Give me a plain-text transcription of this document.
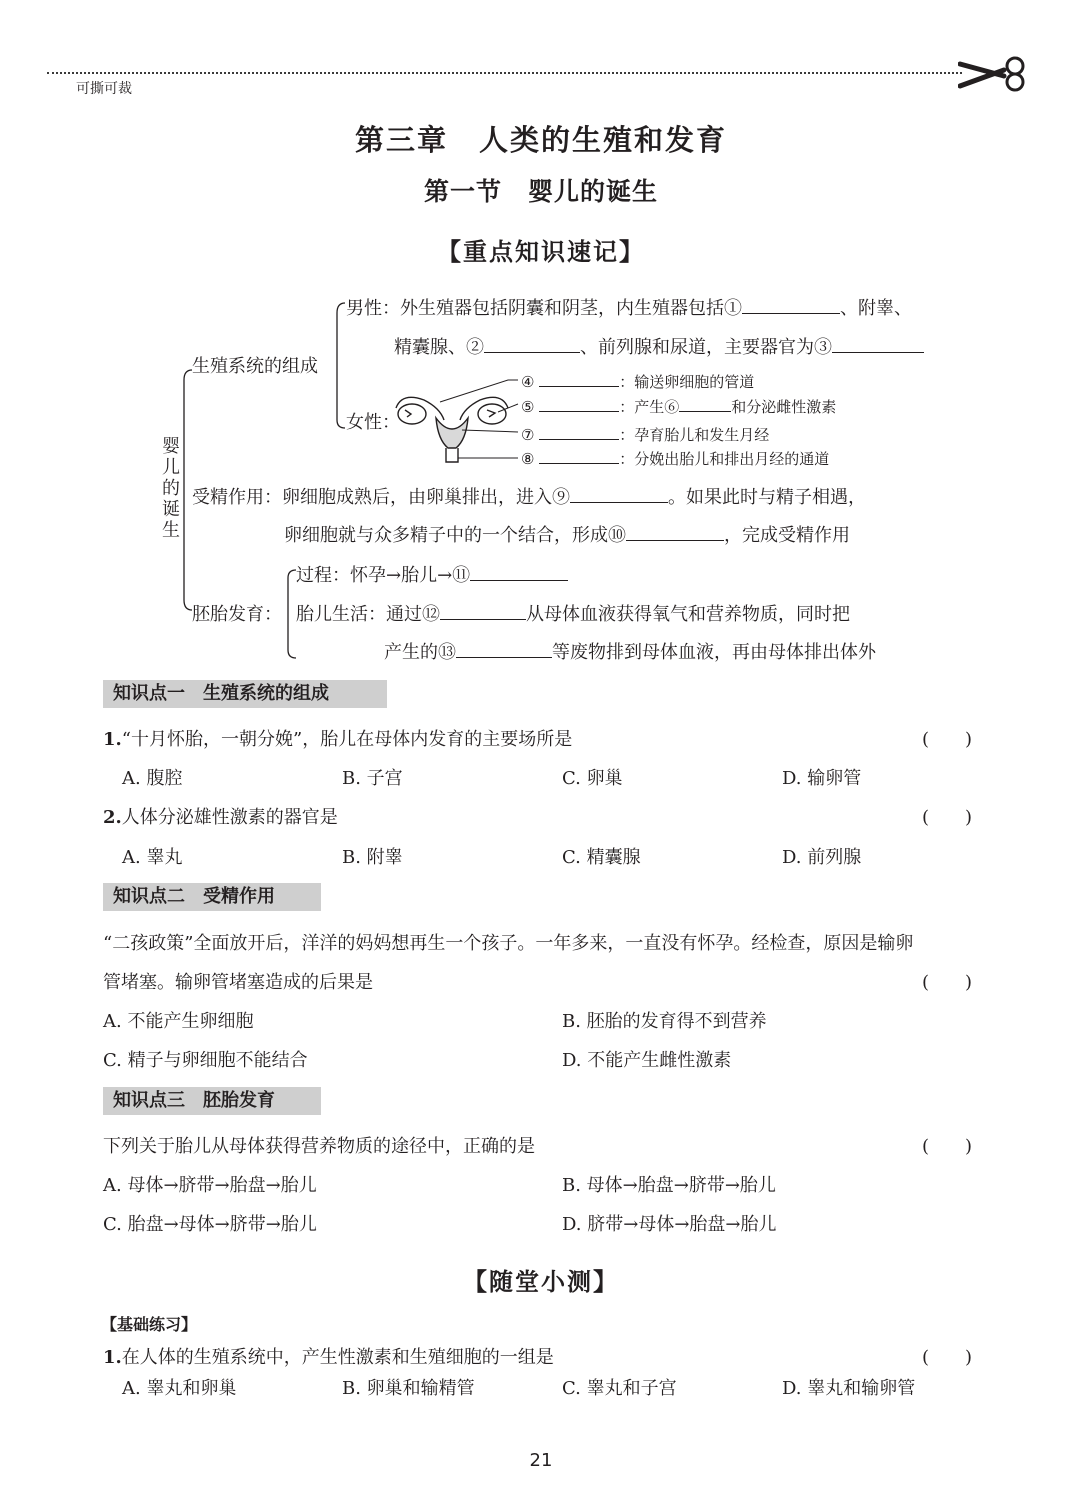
可撕可裁
第三章　人类的生殖和发育
第一节　婴儿的诞生
【重点知识速记】
婴儿的诞生
生殖系统的组成
男性：外生殖器包括阴囊和阴茎，内生殖器包括①	、附睾、
精囊腺、②	、前列腺和尿道，主要器官为③
女性：
④	：输送卵细胞的管道
⑤	：产生⑥	和分泌雌性激素
⑦	：孕育胎儿和发生月经
⑧	：分娩出胎儿和排出月经的通道
受精作用：卵细胞成熟后，由卵巢排出，进入⑨	。如果此时与精子相遇，
卵细胞就与众多精子中的一个结合，形成⑩	，完成受精作用
胚胎发育：
过程：怀孕→胎儿→⑪
胎儿生活：通过⑫	从母体血液获得氧气和营养物质，同时把
产生的⑬	等废物排到母体血液，再由母体排出体外
知识点一　生殖系统的组成
1.“十月怀胎，一朝分娩”，胎儿在母体内发育的主要场所是	(　　)
A. 腹腔	B. 子宫	C. 卵巢	D. 输卵管
2.人体分泌雄性激素的器官是	(　　)
A. 睾丸	B. 附睾	C. 精囊腺	D. 前列腺
知识点二　受精作用
“二孩政策”全面放开后，洋洋的妈妈想再生一个孩子。一年多来，一直没有怀孕。经检查，原因是输卵
管堵塞。输卵管堵塞造成的后果是	(　　)
A. 不能产生卵细胞	B. 胚胎的发育得不到营养
C. 精子与卵细胞不能结合	D. 不能产生雌性激素
知识点三　胚胎发育
下列关于胎儿从母体获得营养物质的途径中，正确的是	(　　)
A. 母体→脐带→胎盘→胎儿	B. 母体→胎盘→脐带→胎儿
C. 胎盘→母体→脐带→胎儿	D. 脐带→母体→胎盘→胎儿
【随堂小测】
【基础练习】
1.在人体的生殖系统中，产生性激素和生殖细胞的一组是	(　　)
A. 睾丸和卵巢	B. 卵巢和输精管	C. 睾丸和子宫	D. 睾丸和输卵管
21
